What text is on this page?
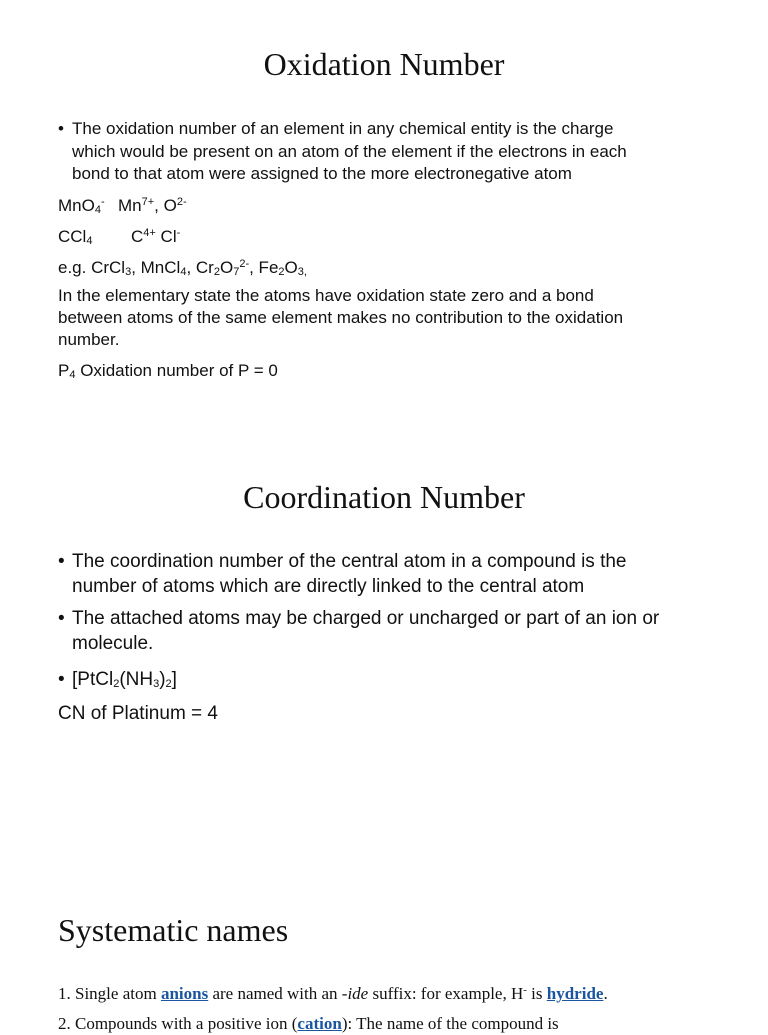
Oxidation Number
• The oxidation number of an element in any chemical entity is the charge
which would be present on an atom of the element if the electrons in each
bond to that atom were assigned to the more electronegative atom
MnO$_4$- $Mn^{7+}$, $O^{2-}$
CCl$_4$ $C^{4+}$ Cl-
e.g. CrCl$_3$, MnCl$_4$, $Cr_2O_7^{2-}$, $Fe_2O_{3,}$
In the elementary state the atoms have oxidation state zero and a bond
between atoms of the same element makes no contribution to the oxidation
number.
$P_4$ Oxidation number of P = 0
Coordination Number
• The coordination number of the central atom in a compound is the
number of atoms which are directly linked to the central atom
• The attached atoms may be charged or uncharged or part of an ion or
molecule.
• $[PtCl_2(NH_3)_2]$
CN of Platinum = 4
Systematic names
1. Single atom anions are named with an -ide suffix: for example, H- is hydride.
2. Compounds with a positive ion (cation): The name of the compound is
